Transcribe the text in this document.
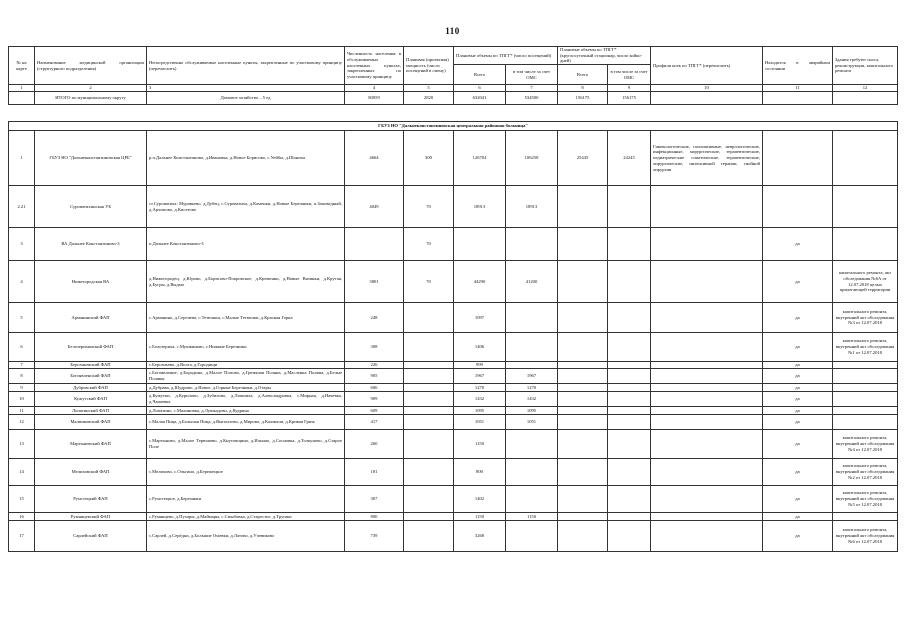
110
№ на карте	Наименование медицинской организации (структурного подразделения)	Непосредственно обслуживаемые населенные пункты, закрепленные по участковому принципу (перечислить)	Численность населения в обслуживаемых населенных пунктах, закрепленных по участковому принципу	Плановая (проектная) мощность (число посещений в смену)	Плановые объемы по ТПГГ* (число посещений)		Плановые объемы по ТПГГ* (круглосуточный стационар, число койко-дней)		Профили коек по ТПГГ* (перечислить)	Находится в аварийном состоянии	Здания требуют сноса, реконструкции, капитального ремонта
					Всего	в том числе за счет ОМС	Всего	в том числе за счет ОМС			
1	2	3	4	5	6	7	8	9	10	11	12
	ИТОГО по муниципальному округу	Домовое хозяйство – 5 ед	80059	2820	632041	534500	156175	156175			
ГБУЗ НО "Дальнеконстантиновская центральная районная больница"											
1	ГБУЗ НО "Дальнеконстантиновская ЦРБ"	р.п.Дальнее Константиново, д.Ивановка, д.Новое Борисово, с.Уейбы, д.Шониха	4664	300	126704	106258	25445	24245	Гинекологические, паллиативные, неврологические, инфекционные, хирургические, терапевтические, педиатрические соматические, терапевтические, хирургические, интенсивной терапии, гнойной хирургии		
2.21	Суроватихинская УБ	ст.Суроватиха: Муравьево, д.Дубец, с.Суроватиха, д.Каменки, д.Новые Березники, п.Заповедный, д.Архипово, д.Кисетово	4049	70	18913	18913					
3	ВА Дальнее Константиново-3	п.Дальнее Константиново-3		70						да	
4	Нижегородская ВА	д.Нижегородец, д.Юрово, д.Борисово-Покровское, д.Кременки, д.Новые Вязинки, д.Крутая, д.Бугры, д.Выдмо	3801	70	44290	41200				да	капитального ремонта, акт обследования №6А от 12.07.2018 целых прилегающей территории
5	Арманинский ФАП	с.Арманино, д.Сергиева, с.Тетюшки, с.Малые Тетюшки, д.Красная Горка	248		1097					да	капитального ремонта, внутренний акт обследования №3 от 12.07.2018
6	Белозерихинский ФАП	с.Белозериха, с.Мушкиново, с.Нижние Березники	308		1406					да	капитального ремонта, внутренний акт обследования №1 от 12.07.2018
7	Берсеньевский ФАП	с.Берсеньево, д.Волга, д.Городищи	226		999					да	
8	Богоявленский ФАП	с.Богоявление, д.Бородино, д.Малое Попово, д.Гремячая Поляна, д.Масленка Поляна, д.Белые Поляны	905		1967	1967				да	
9	Дубровский ФАП	д.Дубрава, д.Шудрово, д.Новое, д.Горные Березники, д.Отары	606		1270	1270				да	
10	Кужутский ФАП	д.Кужутки, д.Курилово, д.Зубилово, д.Лапшиха, д.Александровка, с.Мирная, д.Начевка, д.Чапаевка	909		1432	1432				да	
11	Лопатинский ФАП	д.Лопатино, с.Малиновка, д.Лушкадово, д.Кудрино	609		1095	1095				да	
12	Малинковский ФАП	с.Малая Пица, д.Большая Пица, д.Выползово, д.Мирово, д.Калмычи, д.Кривая Грязь	417		1051	1051				да	
13	Мартыновский ФАП	с.Мартыново, д.Малое Терюшево, д.Кнутовщина, д.Ильино, д.Сосновка, д.Толкуново, д.Старое Поле	260		1150					да	капитального ремонта, внутренний акт обследования №4 от 12.07.2018
14	Мелиховский ФАП	с.Мелихово, с.Ольгино, д.Бережецкое	181		800					да	капитального ремонта, внутренний акт обследования №2 от 12.07.2018
15	Румстецкий ФАП	с.Румстецкое, д.Березники	307		1402					да	капитального ремонта, внутренний акт обследования №5 от 12.07.2018
16	Румянцевский ФАП	с.Румянцево, д.Пухары, д.Маймары, с.Смыбовка, д.Старостье, д.Трушки	800		1150	1150				да	
17	Сарлейский ФАП	с.Сарлей, д.Серёдки, д.Большие Ostевки, д.Латово, д.Учевиково	739		3268					да	капитального ремонта, внутренний акт обследования №6 от 12.07.2018
